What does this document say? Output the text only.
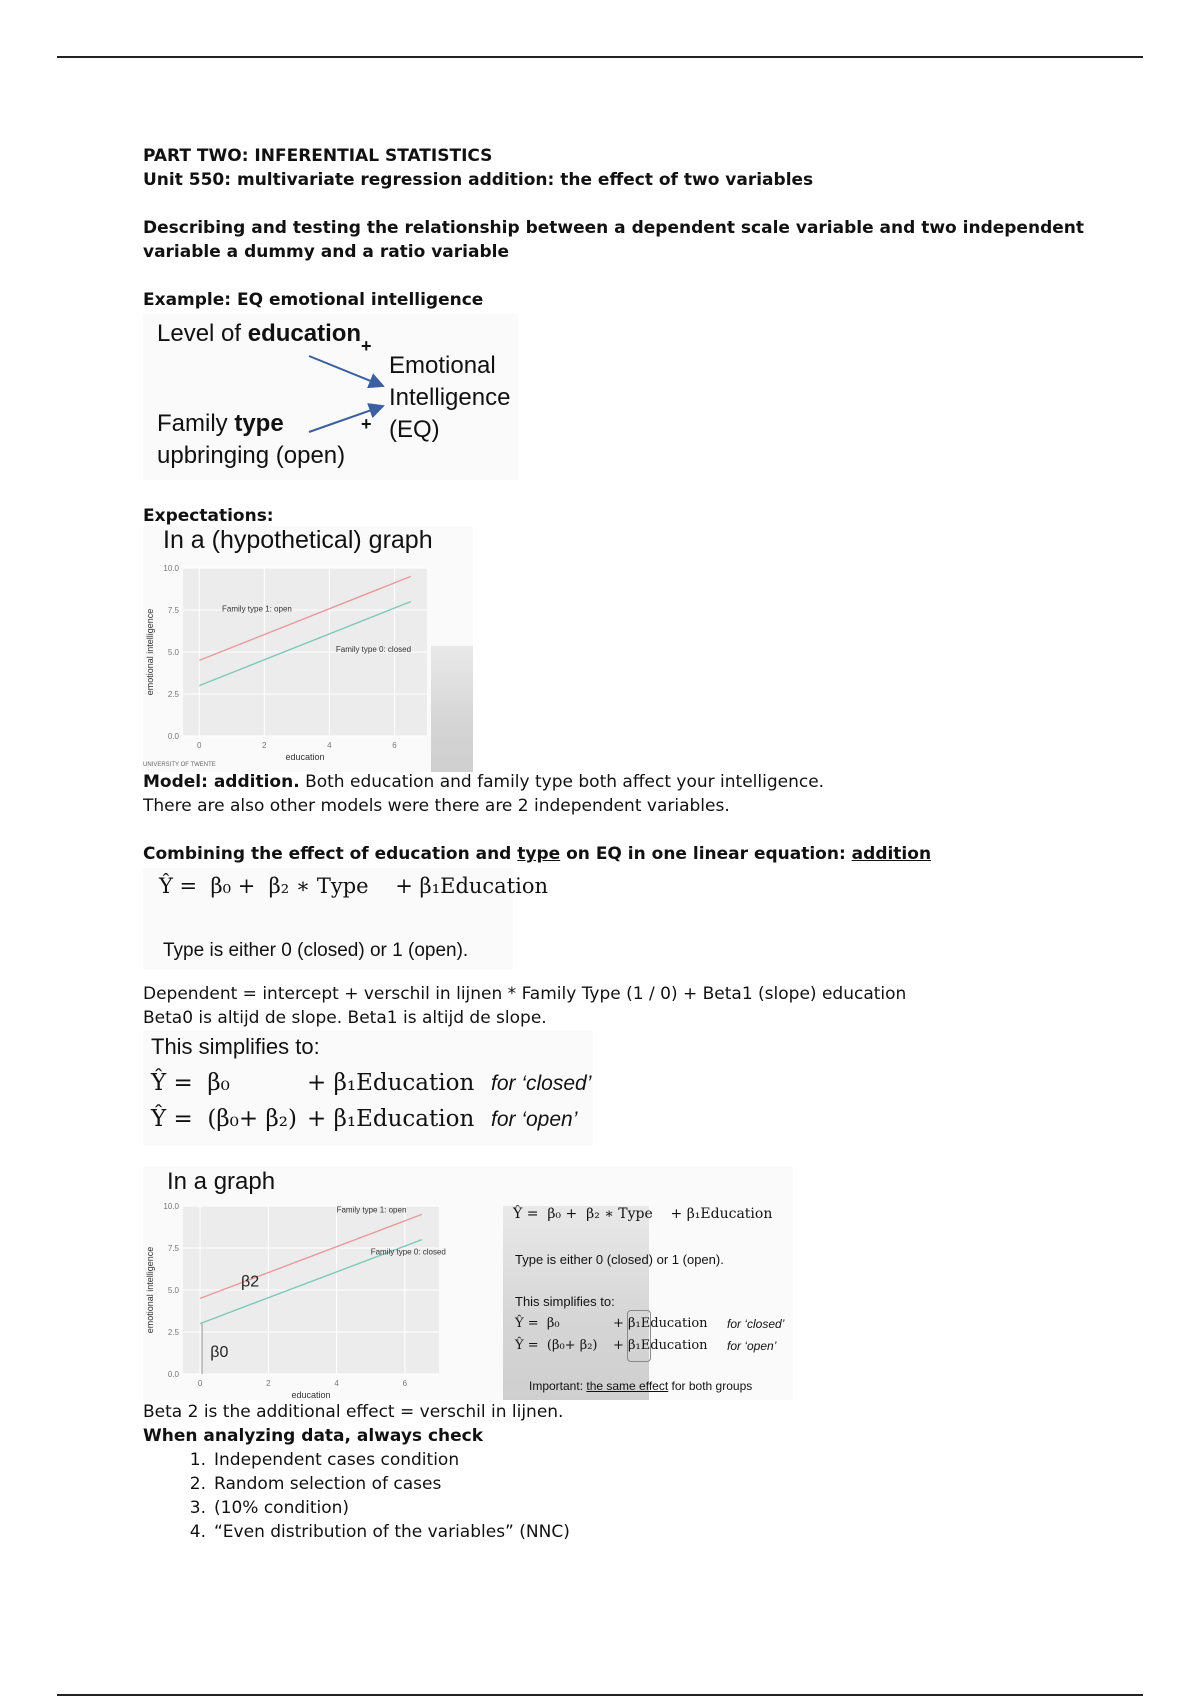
PART TWO: INFERENTIAL STATISTICS
Unit 550: multivariate regression addition: the effect of two variables
Describing and testing the relationship between a dependent scale variable and two independent
variable a dummy and a ratio variable
Example: EQ emotional intelligence
Level of education +
Emotional
Intelligence
(EQ)
+
Family type
upbringing (open)
Expectations:
In a (hypothetical) graph
10.0
7.5
5.0
2.5
0.0
0	2	4	6
education
emotional intelligence	Family type 1: open
Family type 0: closed
UNIVERSITY OF TWENTE
Model: addition. Both education and family type both affect your intelligence.
There are also other models were there are 2 independent variables.
Combining the effect of education and type on EQ in one linear equation: addition
Ŷ =  β₀ +  β₂ ∗ Type    + β₁Education
Type is either 0 (closed) or 1 (open).
Dependent = intercept + verschil in lijnen * Family Type (1 / 0) + Beta1 (slope) education
Beta0 is altijd de slope. Beta1 is altijd de slope.
This simplifies to:
Ŷ =  β₀	+ β₁Education for ‘closed’
Ŷ =  (β₀+ β₂) + β₁Education for ‘open’
In a graph
10.0
7.5
5.0
2.5
0.0
0	2	4	6
education
emotional intelligence
Family type 1: open
Family type 0: closed
β2
β0
Ŷ =  β₀ +  β₂ ∗ Type    + β₁Education
Type is either 0 (closed) or 1 (open).
This simplifies to:
Ŷ =  β₀	+ β₁Education for ‘closed’
Ŷ =  (β₀+ β₂) + β₁Education for ‘open’
Important: the same effect for both groups
Beta 2 is the additional effect = verschil in lijnen.
When analyzing data, always check
1. Independent cases condition
2. Random selection of cases
3. (10% condition)
4. “Even distribution of the variables” (NNC)
